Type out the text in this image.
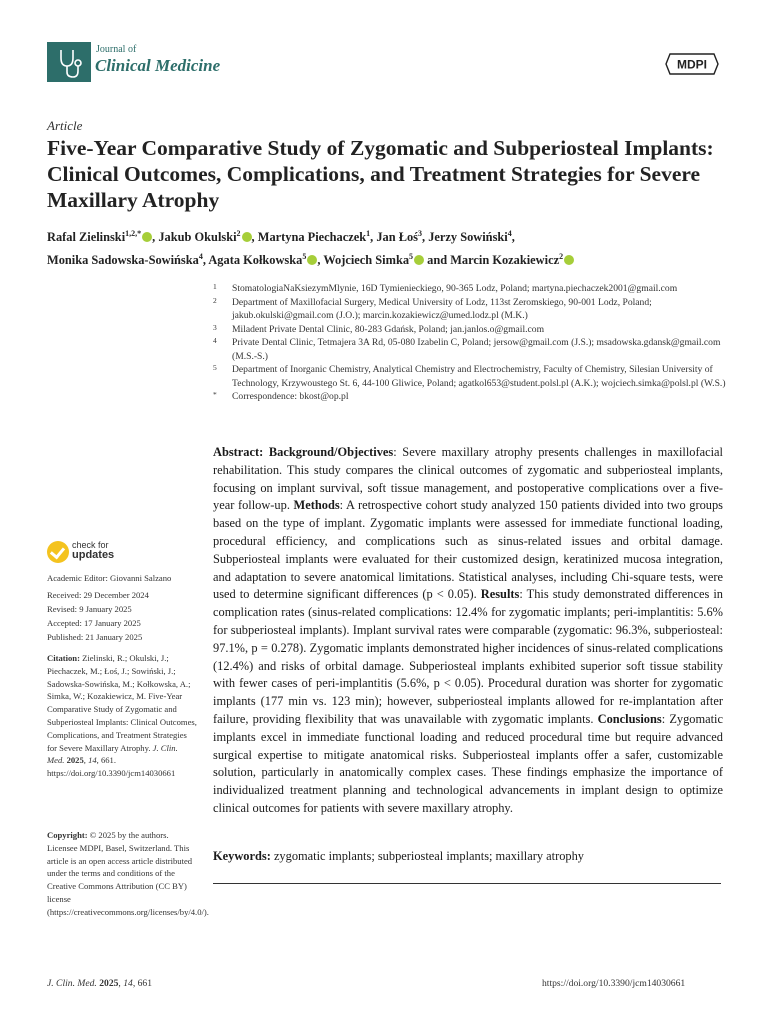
Journal of
Clinical Medicine	MDPI
Article
Five-Year Comparative Study of Zygomatic and Subperiosteal Implants: Clinical Outcomes, Complications, and Treatment Strategies for Severe Maxillary Atrophy
Rafal Zielinski$^{1,2,*}$ , Jakub Okulski$^2$ , Martyna Piechaczek$^1$, Jan Łoś$^3$, Jerzy Sowiński$^4$,
Monika Sadowska-Sowińska$^4$, Agata Kołkowska$^5$ , Wojciech Simka$^5$ and Marcin Kozakiewicz$^2$
1 StomatologiaNaKsiezymMlynie, 16D Tymienieckiego, 90-365 Lodz, Poland; martyna.piechaczek2001@gmail.com
2 Department of Maxillofacial Surgery, Medical University of Lodz, 113st Zeromskiego, 90-001 Lodz, Poland; jakub.okulski@gmail.com (J.O.); marcin.kozakiewicz@umed.lodz.pl (M.K.)
3 Miladent Private Dental Clinic, 80-283 Gdańsk, Poland; jan.janlos.o@gmail.com
4 Private Dental Clinic, Tetmajera 3A Rd, 05-080 Izabelin C, Poland; jersow@gmail.com (J.S.); msadowska.gdansk@gmail.com (M.S.-S.)
5 Department of Inorganic Chemistry, Analytical Chemistry and Electrochemistry, Faculty of Chemistry, Silesian University of Technology, Krzywoustego St. 6, 44-100 Gliwice, Poland; agatkol653@student.polsl.pl (A.K.); wojciech.simka@polsl.pl (W.S.)
* Correspondence: bkost@op.pl
Abstract: Background/Objectives: Severe maxillary atrophy presents challenges in maxillofacial rehabilitation. This study compares the clinical outcomes of zygomatic and subperiosteal implants, focusing on implant survival, soft tissue management, and postoperative complications over a five-year follow-up. Methods: A retrospective cohort study analyzed 150 patients divided into two groups based on the type of implant. Zygomatic implants were assessed for immediate functional loading, procedural efficiency, and complications such as sinus-related issues and orbital damage. Subperiosteal implants were evaluated for their customized design, keratinized mucosa integration, and adaptation to severe anatomical limitations. Statistical analyses, including Chi-square tests, were used to determine significant differences (p < 0.05). Results: This study demonstrated differences in complication rates (sinus-related complications: 12.4% for zygomatic implants; peri-implantitis: 5.6% for subperiosteal implants). Implant survival rates were comparable (zygomatic: 96.3%, subperiosteal: 97.1%, p = 0.278). Zygomatic implants demonstrated higher incidences of sinus-related complications (12.4%) and risks of orbital damage. Subperiosteal implants exhibited superior soft tissue stability with fewer cases of peri-implantitis (5.6%, p < 0.05). Procedural duration was shorter for zygomatic implants (177 min vs. 123 min); however, subperiosteal implants allowed for re-implantation after failure, providing flexibility that was unavailable with zygomatic implants. Conclusions: Zygomatic implants excel in immediate functional loading and reduced procedural time but require advanced surgical expertise to mitigate anatomical risks. Subperiosteal implants offer a safer, customizable solution, particularly in anatomically complex cases. These findings emphasize the importance of individualized treatment planning and technological advancements in implant design to optimize clinical outcomes for patients with severe maxillary atrophy.
Keywords: zygomatic implants; subperiosteal implants; maxillary atrophy
check for
updates
Academic Editor: Giovanni Salzano
Received: 29 December 2024
Revised: 9 January 2025
Accepted: 17 January 2025
Published: 21 January 2025
Citation: Zielinski, R.; Okulski, J.; Piechaczek, M.; Łoś, J.; Sowiński, J.; Sadowska-Sowińska, M.; Kołkowska, A.; Simka, W.; Kozakiewicz, M. Five-Year Comparative Study of Zygomatic and Subperiosteal Implants: Clinical Outcomes, Complications, and Treatment Strategies for Severe Maxillary Atrophy. J. Clin. Med. 2025, 14, 661. https://doi.org/10.3390/jcm14030661
Copyright: © 2025 by the authors. Licensee MDPI, Basel, Switzerland. This article is an open access article distributed under the terms and conditions of the Creative Commons Attribution (CC BY) license (https://creativecommons.org/licenses/by/4.0/).
J. Clin. Med. 2025, 14, 661	https://doi.org/10.3390/jcm14030661
